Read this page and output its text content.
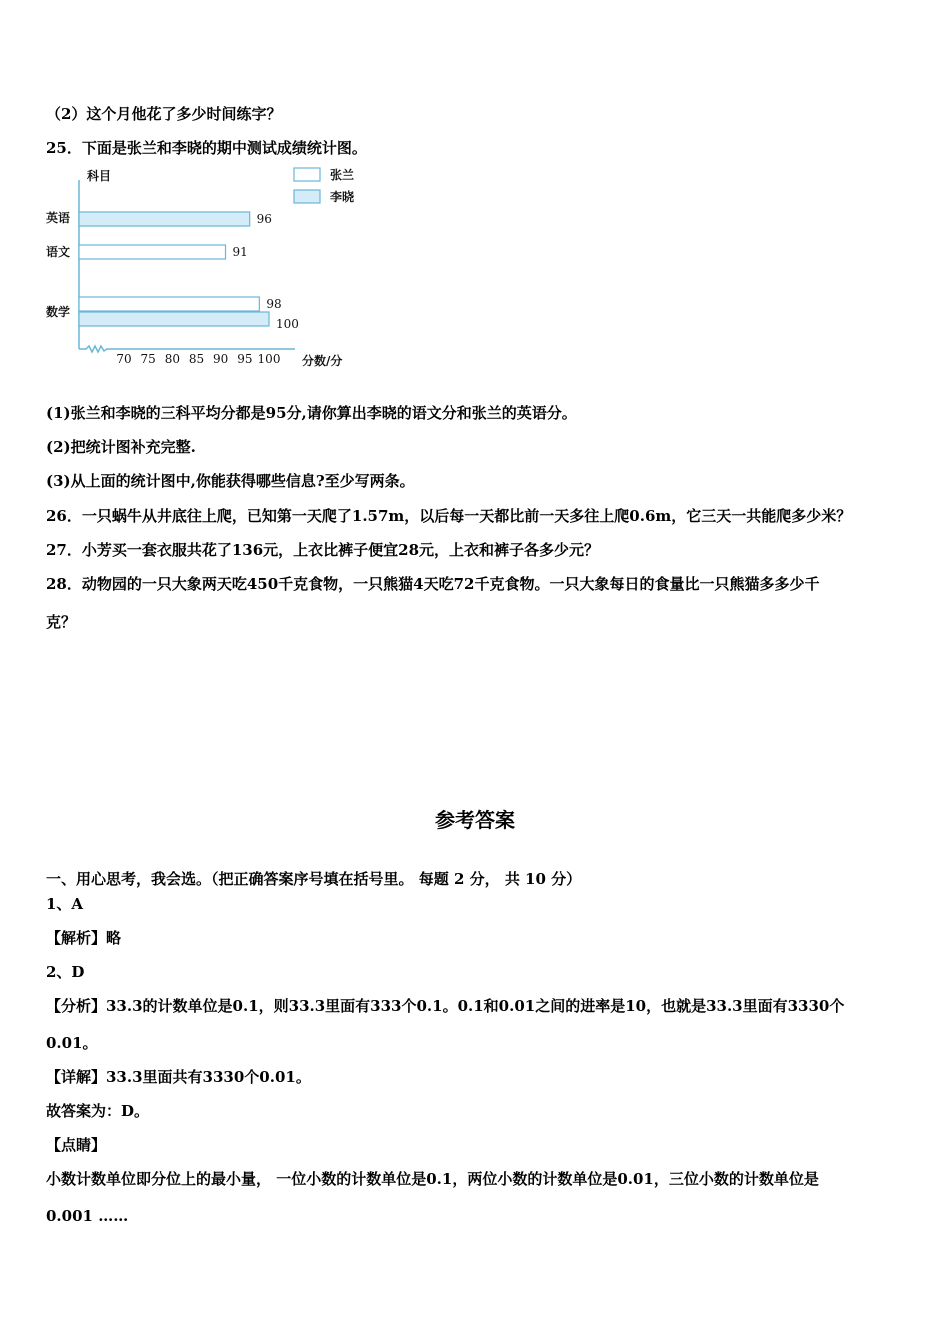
（2）这个月他花了多少时间练字？
25．下面是张兰和李晓的期中测试成绩统计图。
科目
分数/分
70 75 80 85 90 95 100
英语
语文
数学
96
91
98
100
张兰
李晓
(1)张兰和李晓的三科平均分都是95分,请你算出李晓的语文分和张兰的英语分。
(2)把统计图补充完整.
(3)从上面的统计图中,你能获得哪些信息?至少写两条。
26．一只蜗牛从井底往上爬，已知第一天爬了1.57m，以后每一天都比前一天多往上爬0.6m，它三天一共能爬多少米？
27．小芳买一套衣服共花了136元，上衣比裤子便宜28元，上衣和裤子各多少元？
28．动物园的一只大象两天吃450千克食物，一只熊猫4天吃72千克食物。一只大象每日的食量比一只熊猫多多少千
克？
参考答案
一、用心思考，我会选。（把正确答案序号填在括号里。 每题 2 分， 共 10 分）
1、A
【解析】略
2、D
【分析】33.3的计数单位是0.1，则33.3里面有333个0.1。0.1和0.01之间的进率是10，也就是33.3里面有3330个
0.01。
【详解】33.3里面共有3330个0.01。
故答案为：D。
【点睛】
小数计数单位即分位上的最小量， 一位小数的计数单位是0.1，两位小数的计数单位是0.01，三位小数的计数单位是
0.001 ……
